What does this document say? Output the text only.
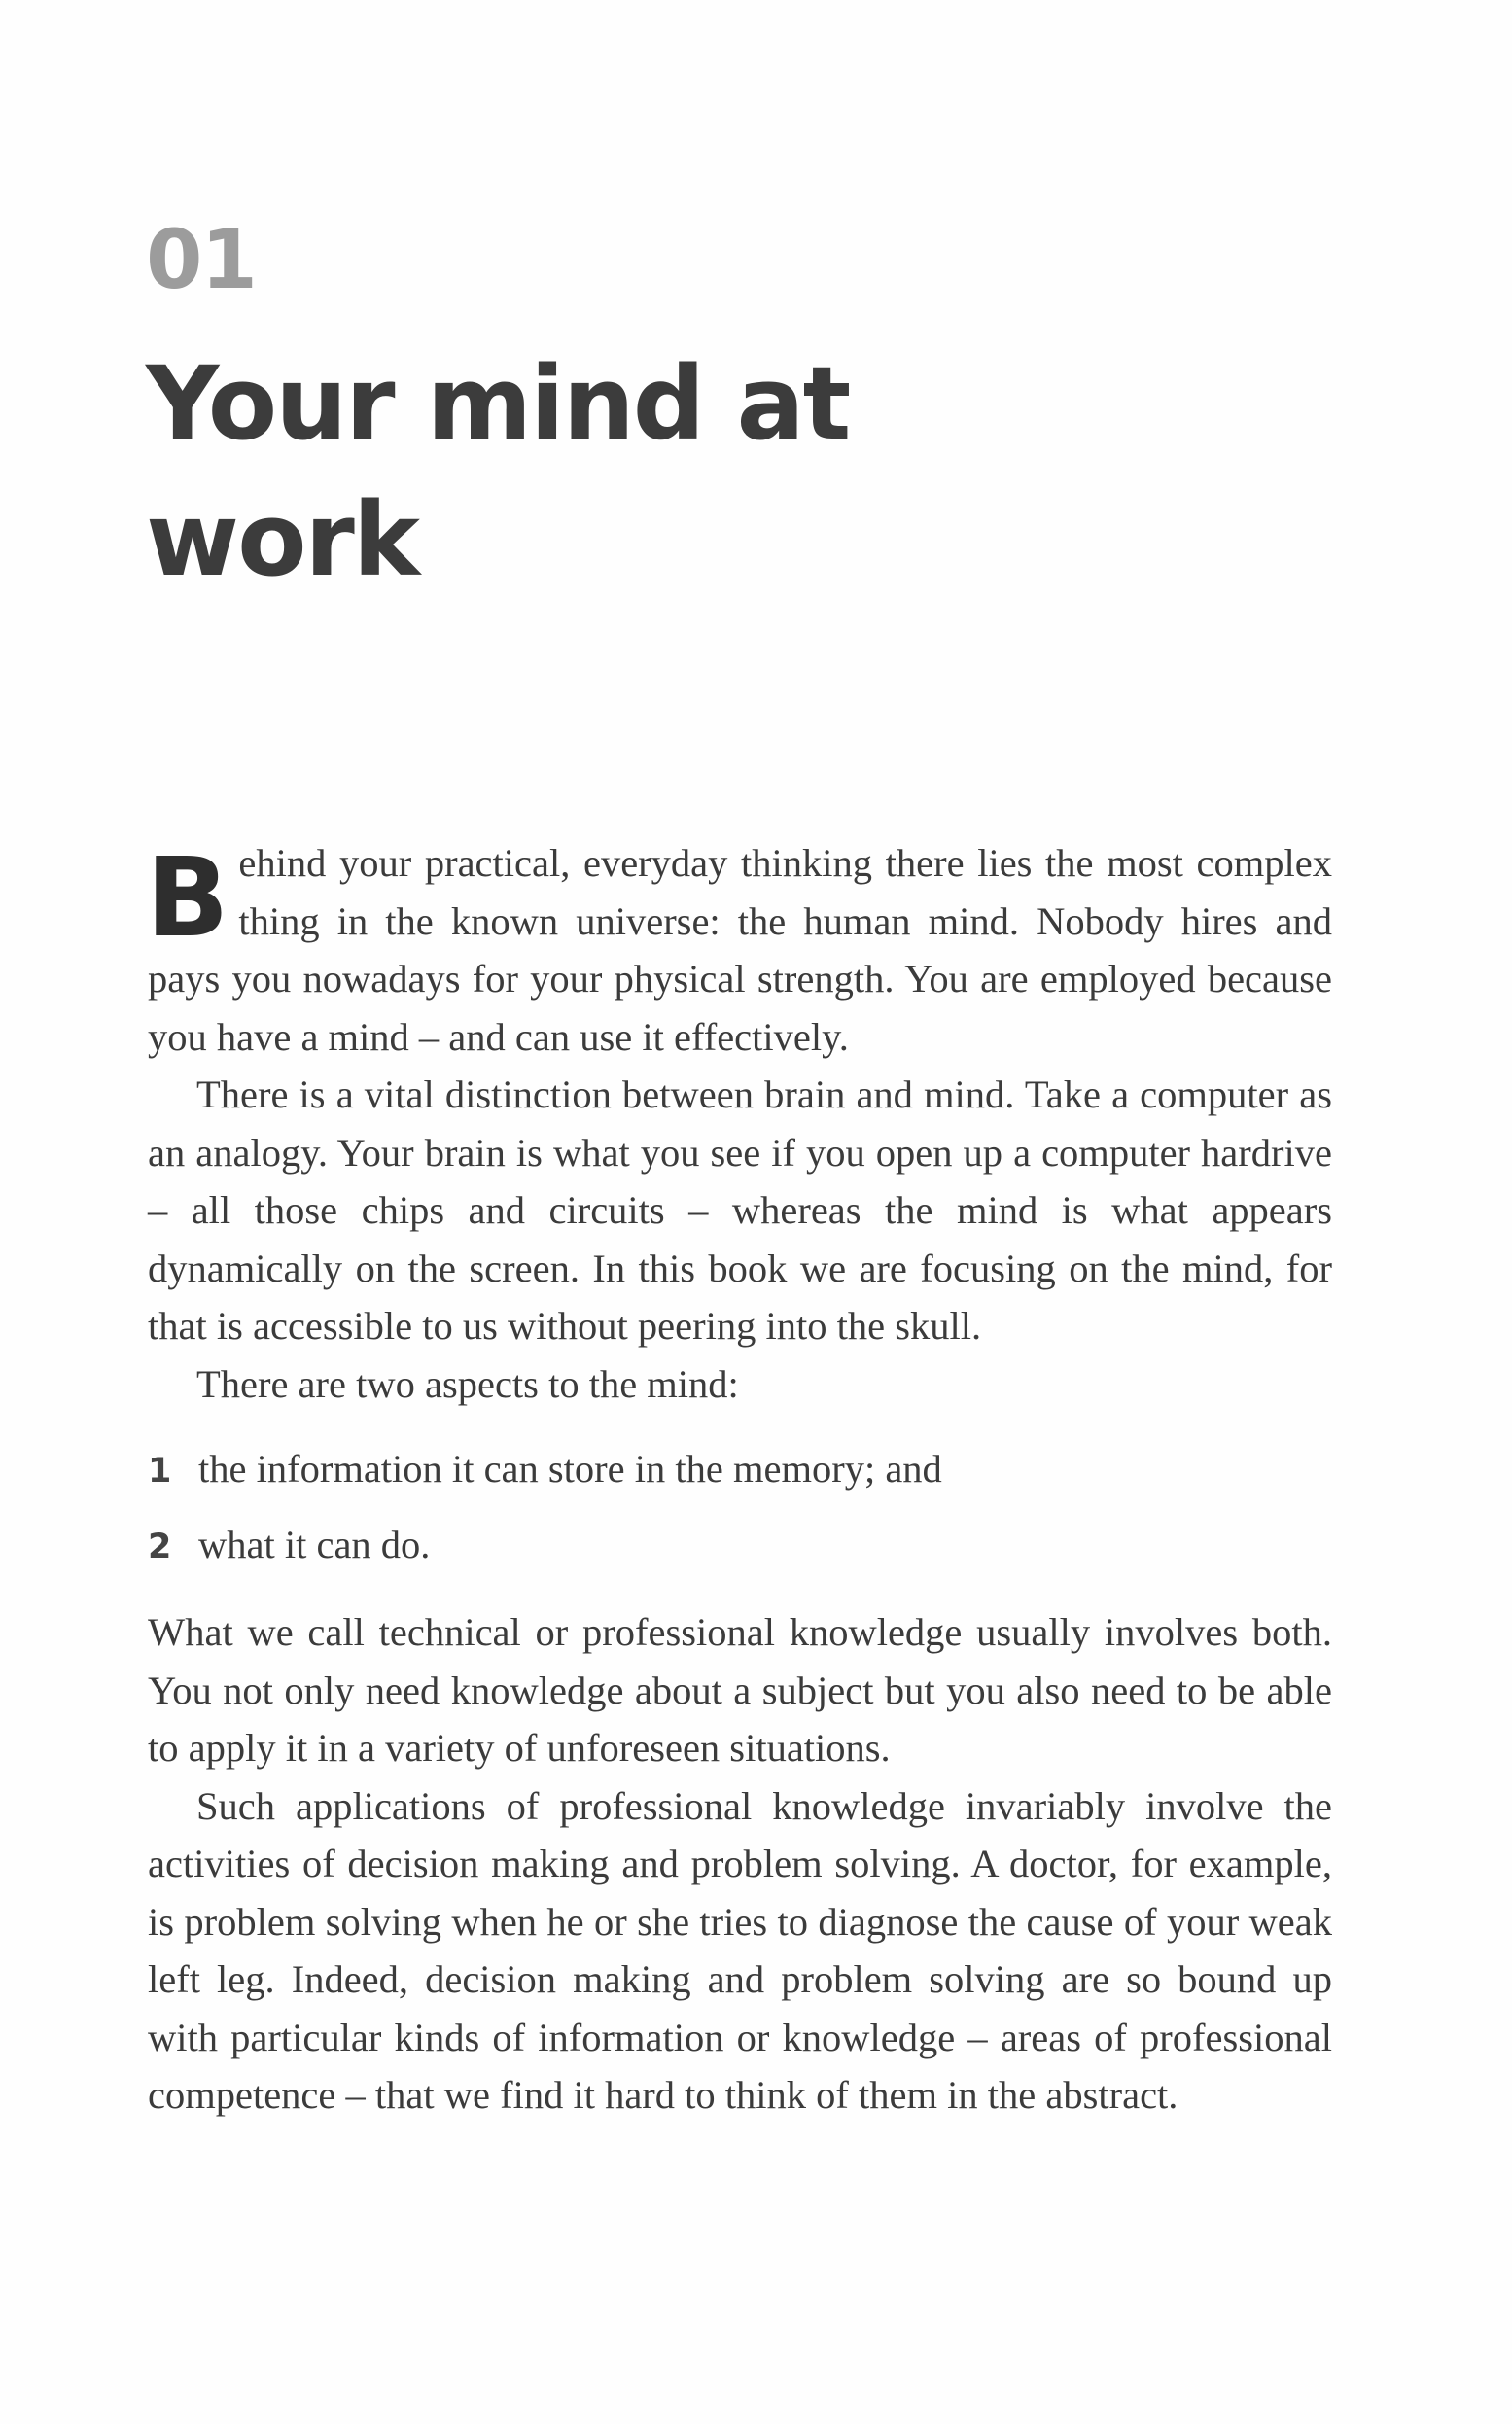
01
Your mind at work

Behind your practical, everyday thinking there lies the most complex thing in the known universe: the human mind. Nobody hires and pays you nowadays for your physical strength. You are employed because you have a mind – and can use it effectively.

There is a vital distinction between brain and mind. Take a computer as an analogy. Your brain is what you see if you open up a computer hardrive – all those chips and circuits – whereas the mind is what appears dynamically on the screen. In this book we are focusing on the mind, for that is accessible to us without peering into the skull.

There are two aspects to the mind:

1 the information it can store in the memory; and
2 what it can do.

What we call technical or professional knowledge usually involves both. You not only need knowledge about a subject but you also need to be able to apply it in a variety of unforeseen situations.

Such applications of professional knowledge invariably involve the activities of decision making and problem solving. A doctor, for example, is problem solving when he or she tries to diagnose the cause of your weak left leg. Indeed, decision making and problem solving are so bound up with particular kinds of information or knowledge – areas of professional competence – that we find it hard to think of them in the abstract.
